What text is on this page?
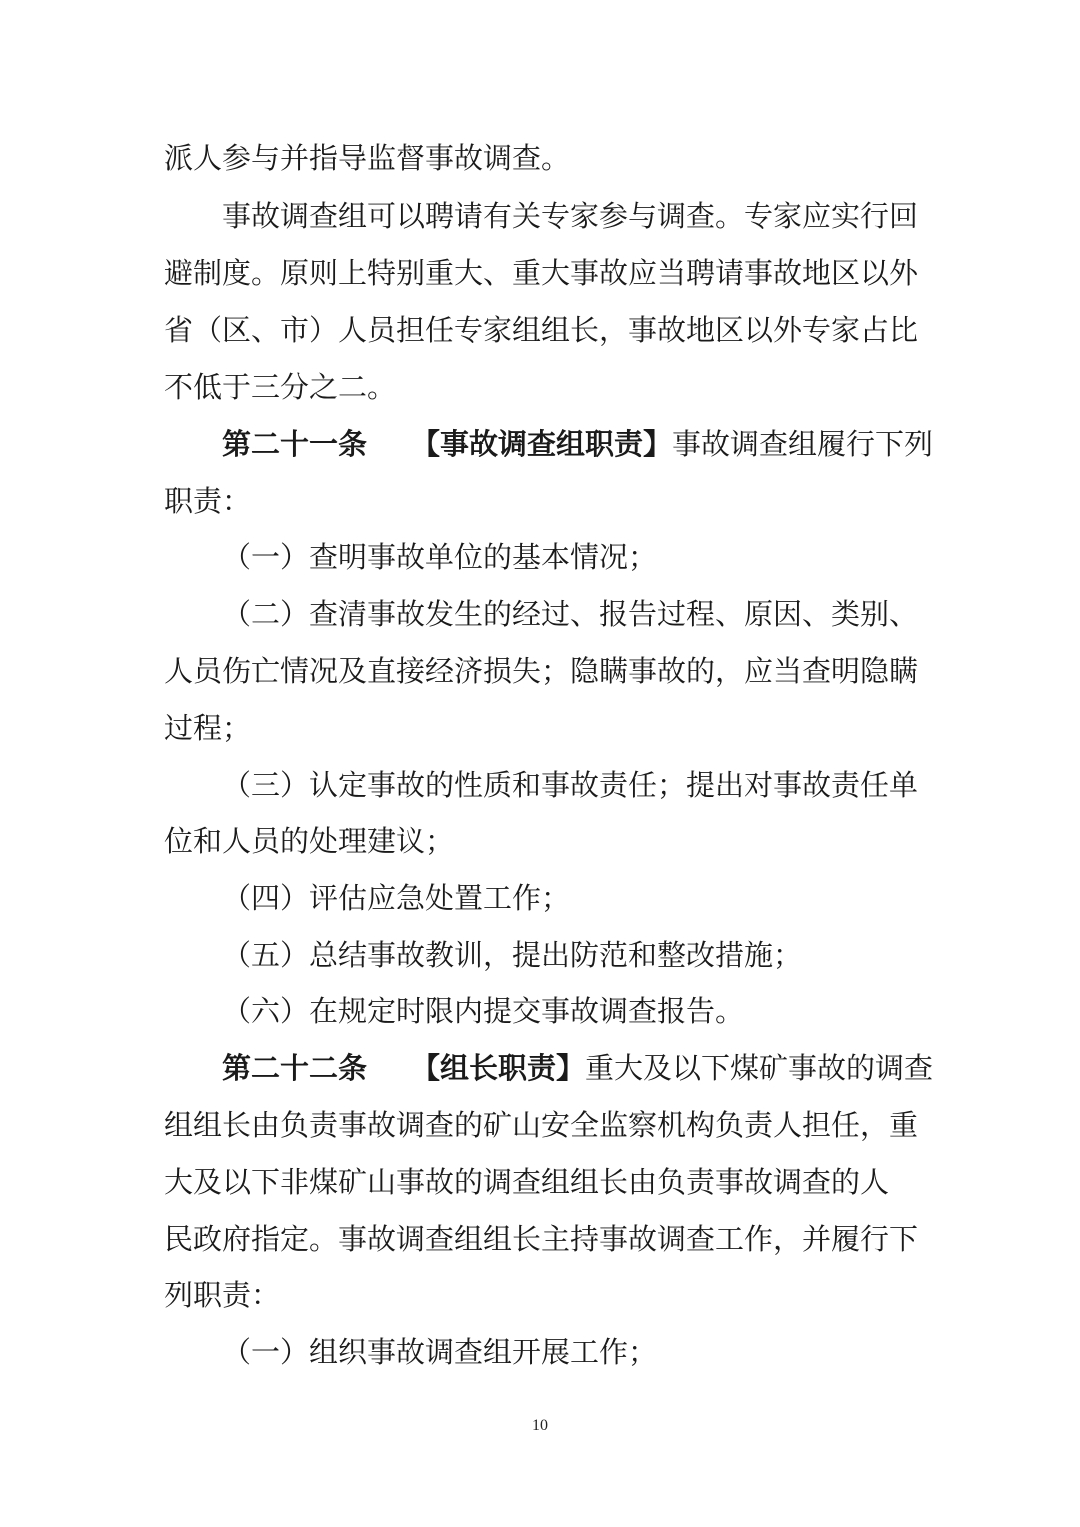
派人参与并指导监督事故调查。
事故调查组可以聘请有关专家参与调查。专家应实行回
避制度。原则上特别重大、重大事故应当聘请事故地区以外
省（区、市）人员担任专家组组长，事故地区以外专家占比
不低于三分之二。
第二十一条 【事故调查组职责】事故调查组履行下列
职责：
（一）查明事故单位的基本情况；
（二）查清事故发生的经过、报告过程、原因、类别、
人员伤亡情况及直接经济损失；隐瞒事故的，应当查明隐瞒
过程；
（三）认定事故的性质和事故责任；提出对事故责任单
位和人员的处理建议；
（四）评估应急处置工作；
（五）总结事故教训，提出防范和整改措施；
（六）在规定时限内提交事故调查报告。
第二十二条 【组长职责】重大及以下煤矿事故的调查
组组长由负责事故调查的矿山安全监察机构负责人担任，重
大及以下非煤矿山事故的调查组组长由负责事故调查的人
民政府指定。事故调查组组长主持事故调查工作，并履行下
列职责：
（一）组织事故调查组开展工作；
10
